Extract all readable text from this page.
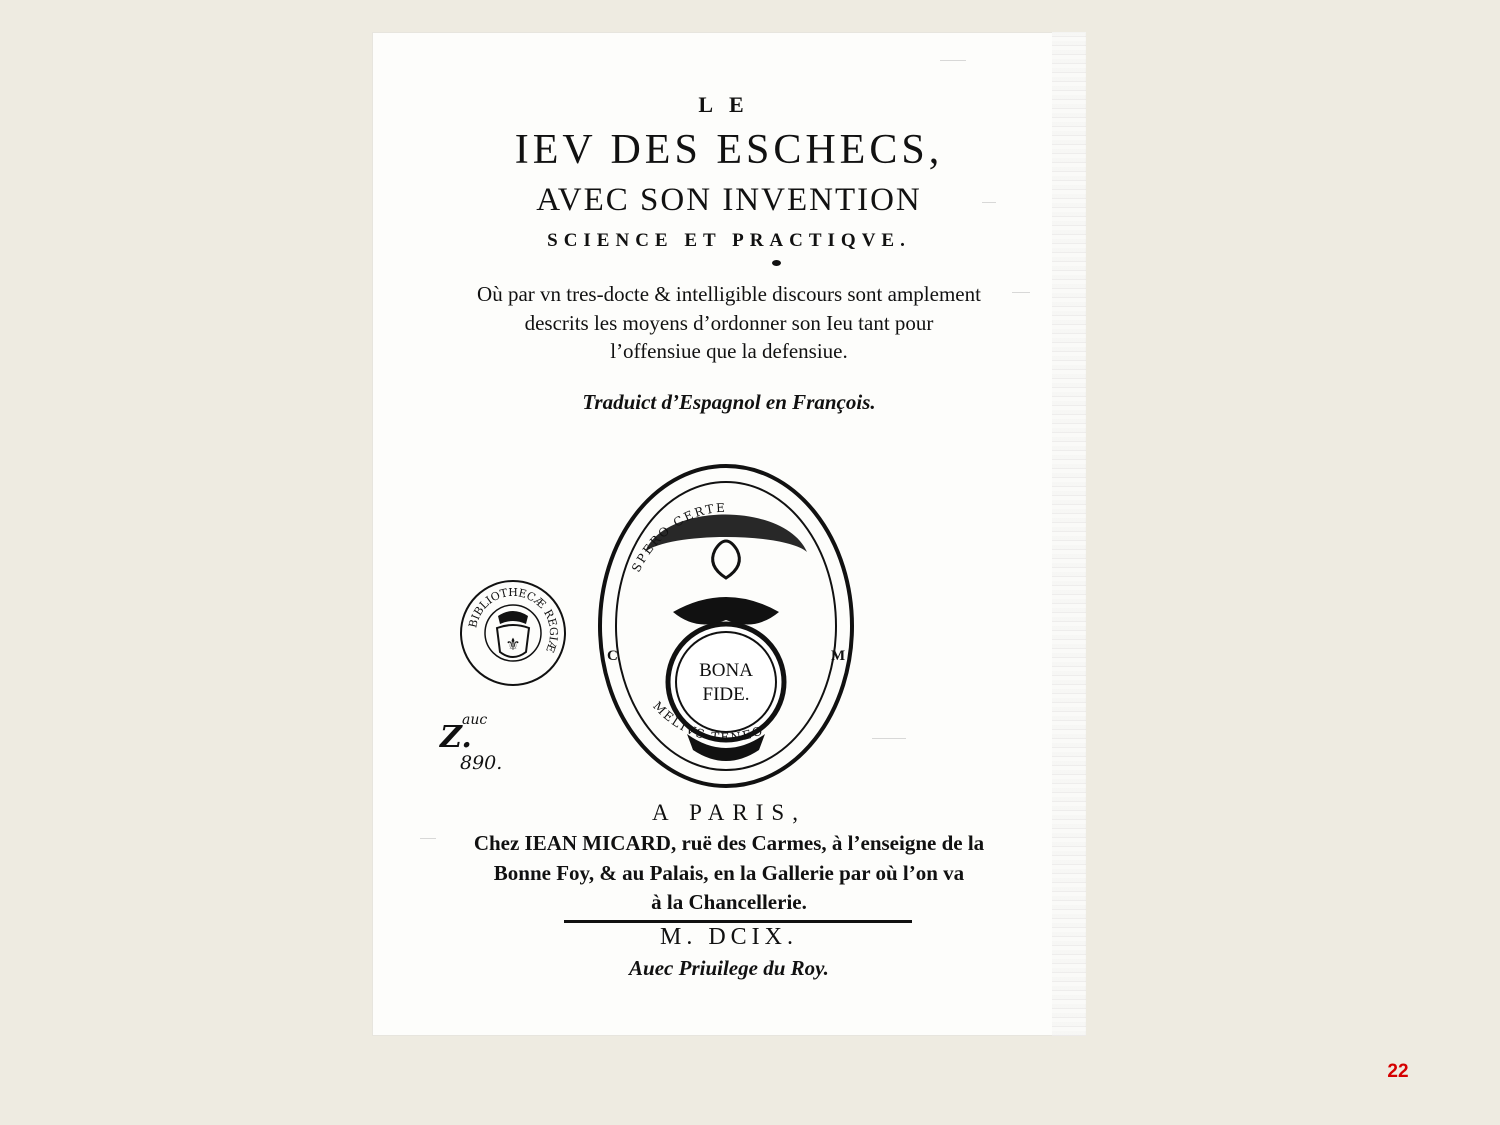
LE
IEV DES ESCHECS,
AVEC SON INVENTION
SCIENCE ET PRACTIQVE.
Où par vn tres-docte & intelligible discours sont amplement
descrits les moyens d’ordonner son Ieu tant pour
l’offensiue que la defensiue.
Traduict d’Espagnol en François.
BIBLIOTHECÆ REGIÆ
⚜
SPERO CERTE
MELIVS TENEO
BONA
FIDE.
C	M
Z.
auc
890.
A PARIS,
Chez IEAN MICARD, ruë des Carmes, à l’enseigne de la
Bonne Foy, & au Palais, en la Gallerie par où l’on va
à la Chancellerie.
M. DCIX.
Auec Priuilege du Roy.
22
